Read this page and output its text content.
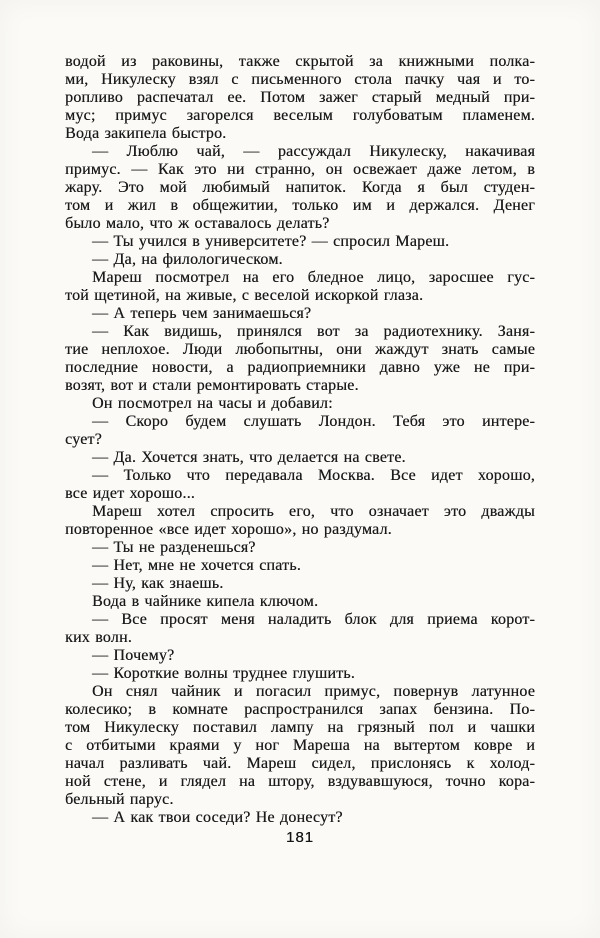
водой из раковины, также скрытой за книжными полка-
ми, Никулеску взял с письменного стола пачку чая и то-
ропливо распечатал ее. Потом зажег старый медный при-
мус; примус загорелся веселым голубоватым пламенем.
Вода закипела быстро.
— Люблю чай, — рассуждал Никулеску, накачивая
примус. — Как это ни странно, он освежает даже летом, в
жару. Это мой любимый напиток. Когда я был студен-
том и жил в общежитии, только им и держался. Денег
было мало, что ж оставалось делать?
— Ты учился в университете? — спросил Мареш.
— Да, на филологическом.
Мареш посмотрел на его бледное лицо, заросшее гус-
той щетиной, на живые, с веселой искоркой глаза.
— А теперь чем занимаешься?
— Как видишь, принялся вот за радиотехнику. Заня-
тие неплохое. Люди любопытны, они жаждут знать самые
последние новости, а радиоприемники давно уже не при-
возят, вот и стали ремонтировать старые.
Он посмотрел на часы и добавил:
— Скоро будем слушать Лондон. Тебя это интере-
сует?
— Да. Хочется знать, что делается на свете.
— Только что передавала Москва. Все идет хорошо,
все идет хорошо...
Мареш хотел спросить его, что означает это дважды
повторенное «все идет хорошо», но раздумал.
— Ты не разденешься?
— Нет, мне не хочется спать.
— Ну, как знаешь.
Вода в чайнике кипела ключом.
— Все просят меня наладить блок для приема корот-
ких волн.
— Почему?
— Короткие волны труднее глушить.
Он снял чайник и погасил примус, повернув латунное
колесико; в комнате распространился запах бензина. По-
том Никулеску поставил лампу на грязный пол и чашки
с отбитыми краями у ног Мареша на вытертом ковре и
начал разливать чай. Мареш сидел, прислонясь к холод-
ной стене, и глядел на штору, вздувавшуюся, точно кора-
бельный парус.
— А как твои соседи? Не донесут?
181
